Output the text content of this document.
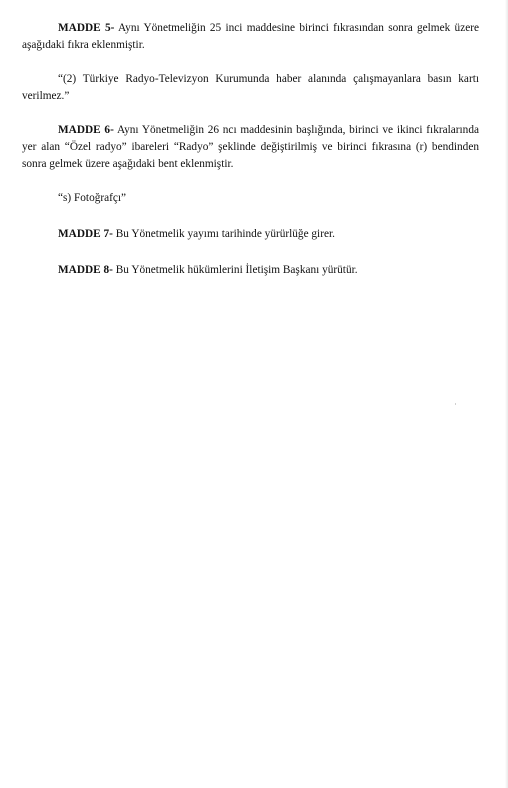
MADDE 5- Aynı Yönetmeliğin 25 inci maddesine birinci fıkrasından sonra gelmek üzere aşağıdaki fıkra eklenmiştir.

“(2) Türkiye Radyo-Televizyon Kurumunda haber alanında çalışmayanlara basın kartı verilmez.”

MADDE 6- Aynı Yönetmeliğin 26 ncı maddesinin başlığında, birinci ve ikinci fıkralarında yer alan “Özel radyo” ibareleri “Radyo” şeklinde değiştirilmiş ve birinci fıkrasına (r) bendinden sonra gelmek üzere aşağıdaki bent eklenmiştir.

“s) Fotoğrafçı”

MADDE 7- Bu Yönetmelik yayımı tarihinde yürürlüğe girer.

MADDE 8- Bu Yönetmelik hükümlerini İletişim Başkanı yürütür.
